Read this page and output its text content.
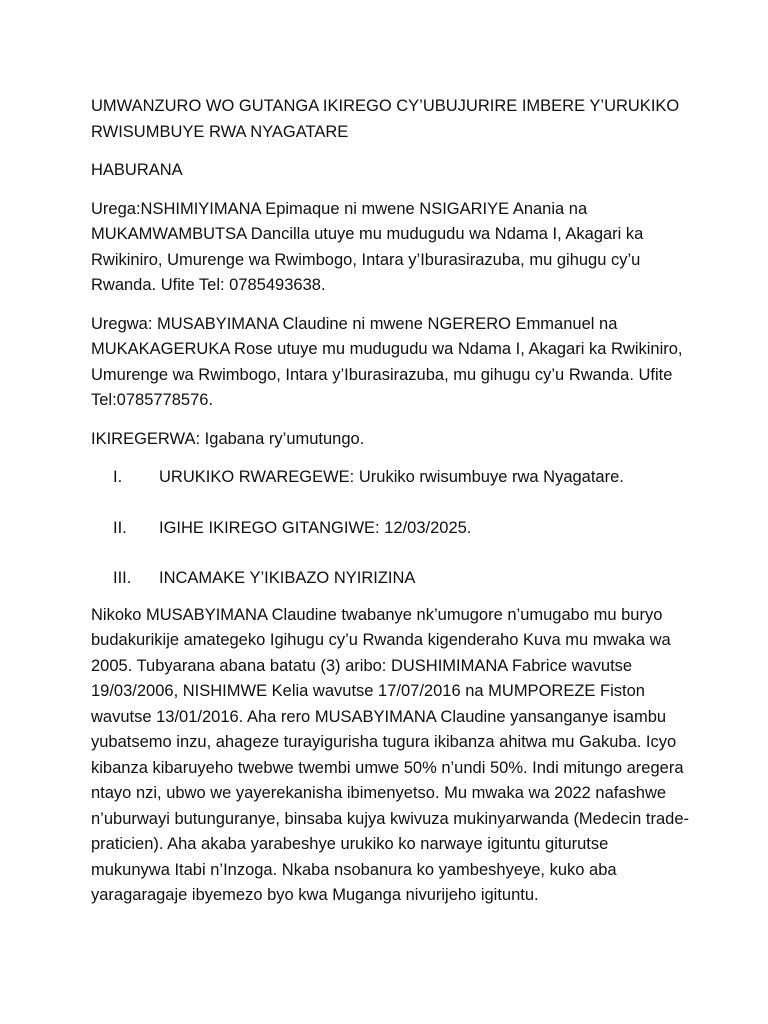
UMWANZURO WO GUTANGA IKIREGO CY’UBUJURIRE IMBERE Y’URUKIKO
RWISUMBUYE RWA NYAGATARE

HABURANA

Urega:NSHIMIYIMANA Epimaque ni mwene NSIGARIYE Anania na MUKAMWAMBUTSA Dancilla utuye mu mudugudu wa Ndama I, Akagari ka Rwikiniro, Umurenge wa Rwimbogo, Intara y’Iburasirazuba, mu gihugu cy’u Rwanda. Ufite Tel: 0785493638.

Uregwa: MUSABYIMANA Claudine ni mwene NGERERO Emmanuel na MUKAKAGERUKA Rose utuye mu mudugudu wa Ndama I, Akagari ka Rwikiniro, Umurenge wa Rwimbogo, Intara y’Iburasirazuba, mu gihugu cy’u Rwanda. Ufite Tel:0785778576.

IKIREGERWA: Igabana ry’umutungo.

I. URUKIKO RWAREGEWE: Urukiko rwisumbuye rwa Nyagatare.
II. IGIHE IKIREGO GITANGIWE: 12/03/2025.
III. INCAMAKE Y’IKIBAZO NYIRIZINA

Nikoko MUSABYIMANA Claudine twabanye nk’umugore n’umugabo mu buryo budakurikije amategeko Igihugu cy’u Rwanda kigenderaho Kuva mu mwaka wa 2005. Tubyarana abana batatu (3) aribo: DUSHIMIMANA Fabrice wavutse 19/03/2006, NISHIMWE Kelia wavutse 17/07/2016 na MUMPOREZE Fiston wavutse 13/01/2016. Aha rero MUSABYIMANA Claudine yansanganye isambu yubatsemo inzu, ahageze turayigurisha tugura ikibanza ahitwa mu Gakuba. Icyo kibanza kibaruyeho twebwe twembi umwe 50% n’undi 50%. Indi mitungo aregera ntayo nzi, ubwo we yayerekanisha ibimenyetso. Mu mwaka wa 2022 nafashwe n’uburwayi butunguranye, binsaba kujya kwivuza mukinyarwanda (Medecin trade-praticien). Aha akaba yarabeshye urukiko ko narwaye igituntu giturutse mukunywa Itabi n’Inzoga. Nkaba nsobanura ko yambeshyeye, kuko aba yaragaragaje ibyemezo byo kwa Muganga nivurijeho igituntu.
